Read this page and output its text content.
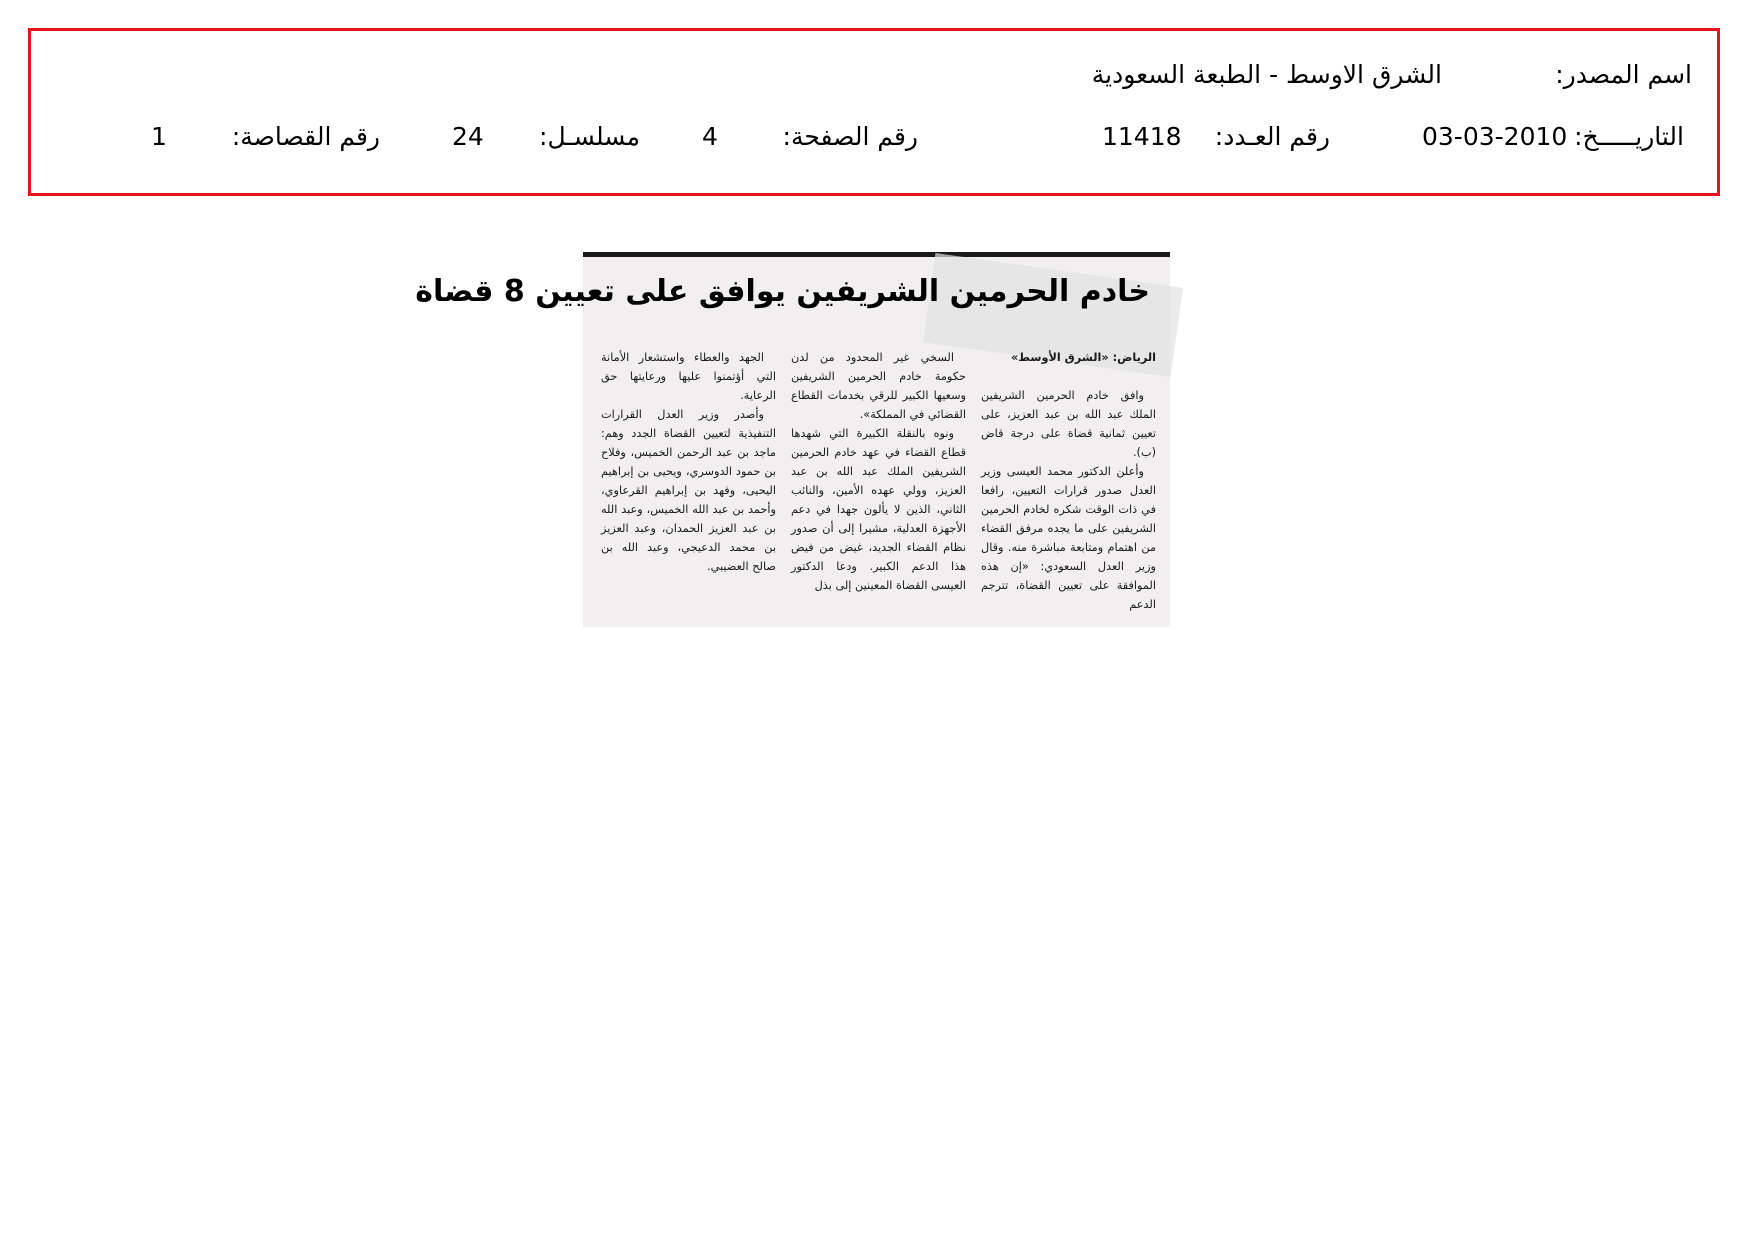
اسم المصدر:
الشرق الاوسط - الطبعة السعودية
التاريـــــخ:
03-03-2010
رقم العـدد:
11418
رقم الصفحة:
4
مسلسـل:
24
رقم القصاصة:
1
خادم الحرمين الشريفين يوافق على تعيين 8 قضاة

الرياض: «الشرق الأوسط»

وافق خادم الحرمين الشريفين الملك عبد الله بن عبد العزيز، على تعيين ثمانية قضاة على درجة قاض (ب).

وأعلن الدكتور محمد العيسى وزير العدل صدور قرارات التعيين، رافعا في ذات الوقت شكره لخادم الحرمين الشريفين على ما يجده مرفق القضاء من اهتمام ومتابعة مباشرة منه. وقال وزير العدل السعودي: «إن هذه الموافقة على تعيين القضاة، تترجم الدعم

السخي غير المحدود من لدن حكومة خادم الحرمين الشريفين وسعيها الكبير للرقي بخدمات القطاع القضائي في المملكة».

ونوه بالنقلة الكبيرة التي شهدها قطاع القضاء في عهد خادم الحرمين الشريفين الملك عبد الله بن عبد العزيز، وولي عهده الأمين، والنائب الثاني، الذين لا يألون جهدا في دعم الأجهزة العدلية، مشيرا إلى أن صدور نظام القضاء الجديد، غيض من فيض هذا الدعم الكبير. ودعا الدكتور العيسى القضاة المعينين إلى بذل

الجهد والعطاء واستشعار الأمانة التي أؤتمنوا عليها ورعايتها حق الرعاية.

وأصدر وزير العدل القرارات التنفيذية لتعيين القضاة الجدد وهم: ماجد بن عبد الرحمن الخميس، وفلاح بن حمود الدوسري، ويحيى بن إبراهيم اليحيى، وفهد بن إبراهيم القرعاوي، وأحمد بن عبد الله الخميس، وعبد الله بن عبد العزيز الحمدان، وعبد العزيز بن محمد الدعيجي، وعبد الله بن صالح العضيبي.
